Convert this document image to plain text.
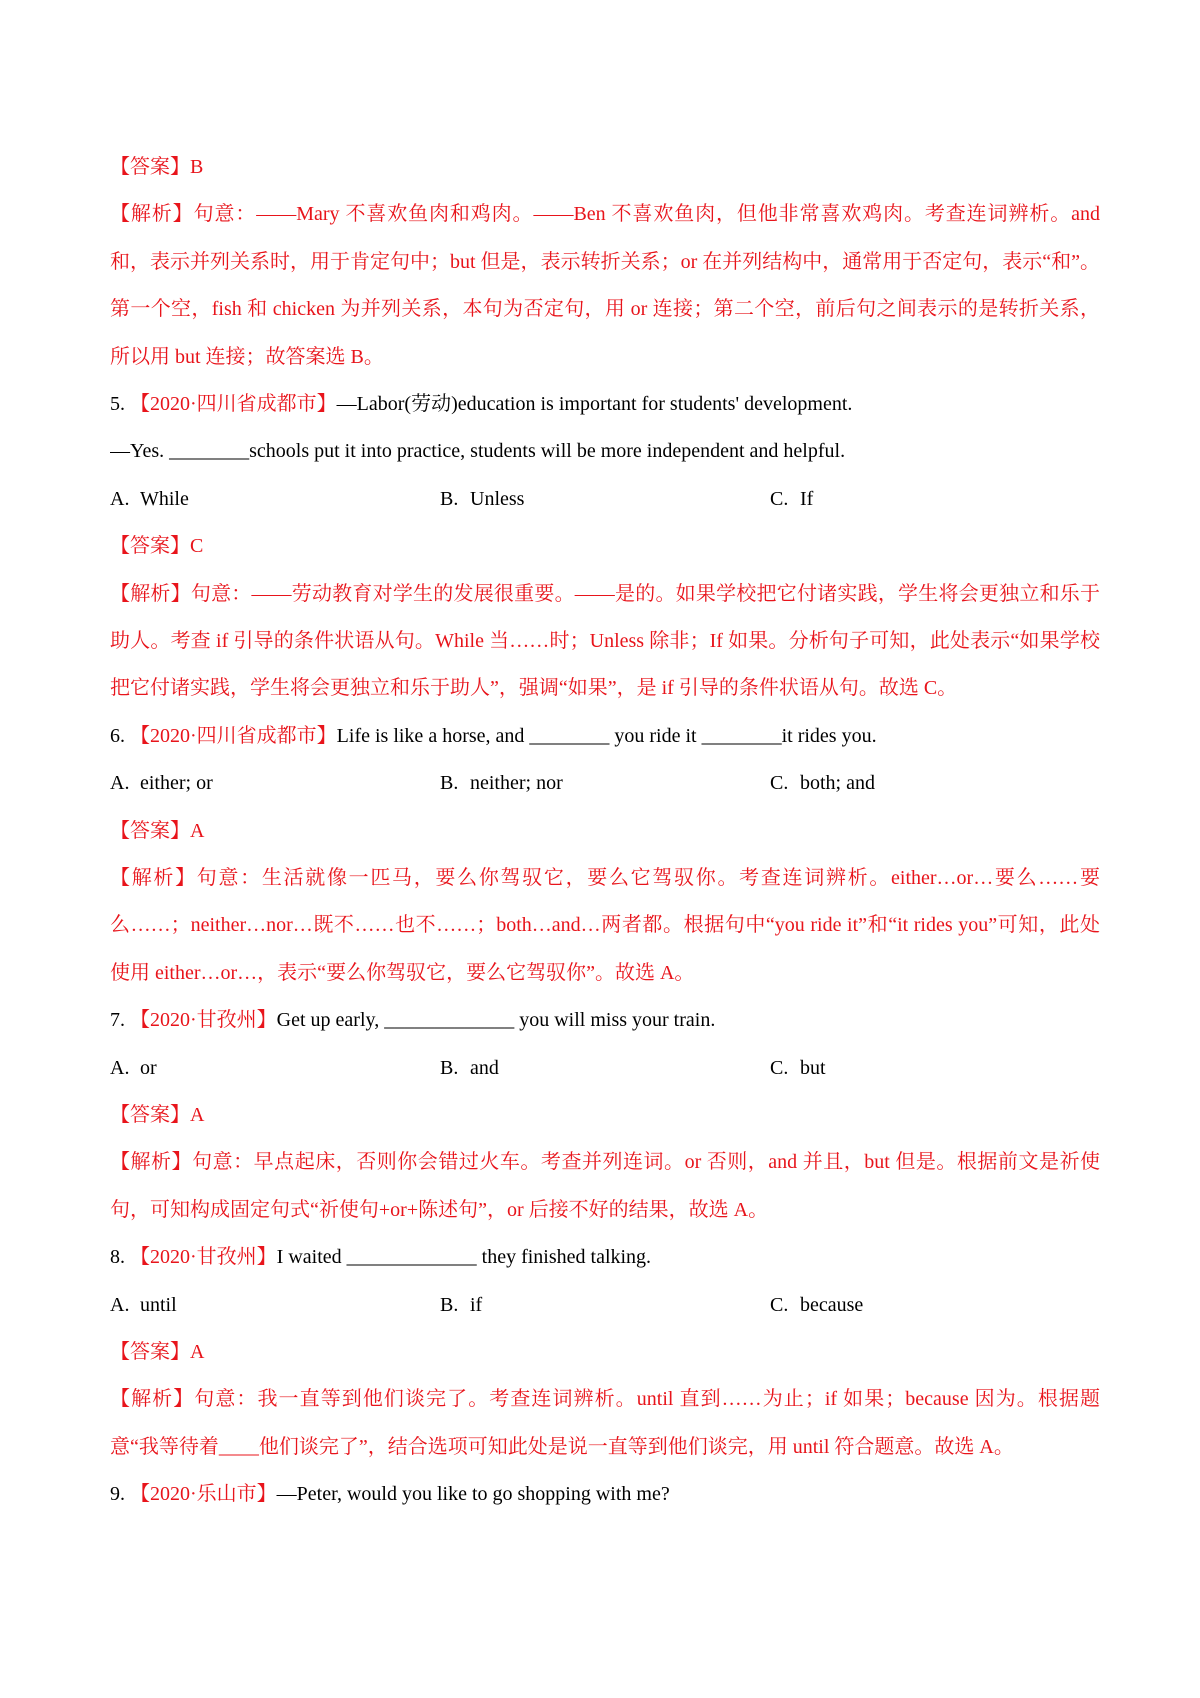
【答案】B
【解析】句意：——Mary 不喜欢鱼肉和鸡肉。——Ben 不喜欢鱼肉，但他非常喜欢鸡肉。考查连词辨析。and 和，表示并列关系时，用于肯定句中；but 但是，表示转折关系；or 在并列结构中，通常用于否定句，表示“和”。第一个空，fish 和 chicken 为并列关系，本句为否定句，用 or 连接；第二个空，前后句之间表示的是转折关系，所以用 but 连接；故答案选 B。
5. 【2020·四川省成都市】—Labor(劳动)education is important for students' development.
—Yes. ________schools put it into practice, students will be more independent and helpful.
A. While	B. Unless	C. If
【答案】C
【解析】句意：——劳动教育对学生的发展很重要。——是的。如果学校把它付诸实践，学生将会更独立和乐于助人。考查 if 引导的条件状语从句。While 当……时；Unless 除非；If 如果。分析句子可知，此处表示“如果学校把它付诸实践，学生将会更独立和乐于助人”，强调“如果”，是 if 引导的条件状语从句。故选 C。
6. 【2020·四川省成都市】Life is like a horse, and ________ you ride it ________it rides you.
A. either; or	B. neither; nor	C. both; and
【答案】A
【解析】句意：生活就像一匹马，要么你驾驭它，要么它驾驭你。考查连词辨析。either…or…要么……要么……；neither…nor…既不……也不……；both…and…两者都。根据句中“you ride it”和“it rides you”可知，此处使用 either…or…，表示“要么你驾驭它，要么它驾驭你”。故选 A。
7. 【2020·甘孜州】Get up early, _____________ you will miss your train.
A. or	B. and	C. but
【答案】A
【解析】句意：早点起床，否则你会错过火车。考查并列连词。or 否则，and 并且，but 但是。根据前文是祈使句，可知构成固定句式“祈使句+or+陈述句”，or 后接不好的结果，故选 A。
8. 【2020·甘孜州】I waited _____________ they finished talking.
A. until	B. if	C. because
【答案】A
【解析】句意：我一直等到他们谈完了。考查连词辨析。until 直到……为止；if 如果；because 因为。根据题意“我等待着____他们谈完了”，结合选项可知此处是说一直等到他们谈完，用 until 符合题意。故选 A。
9. 【2020·乐山市】—Peter, would you like to go shopping with me?
